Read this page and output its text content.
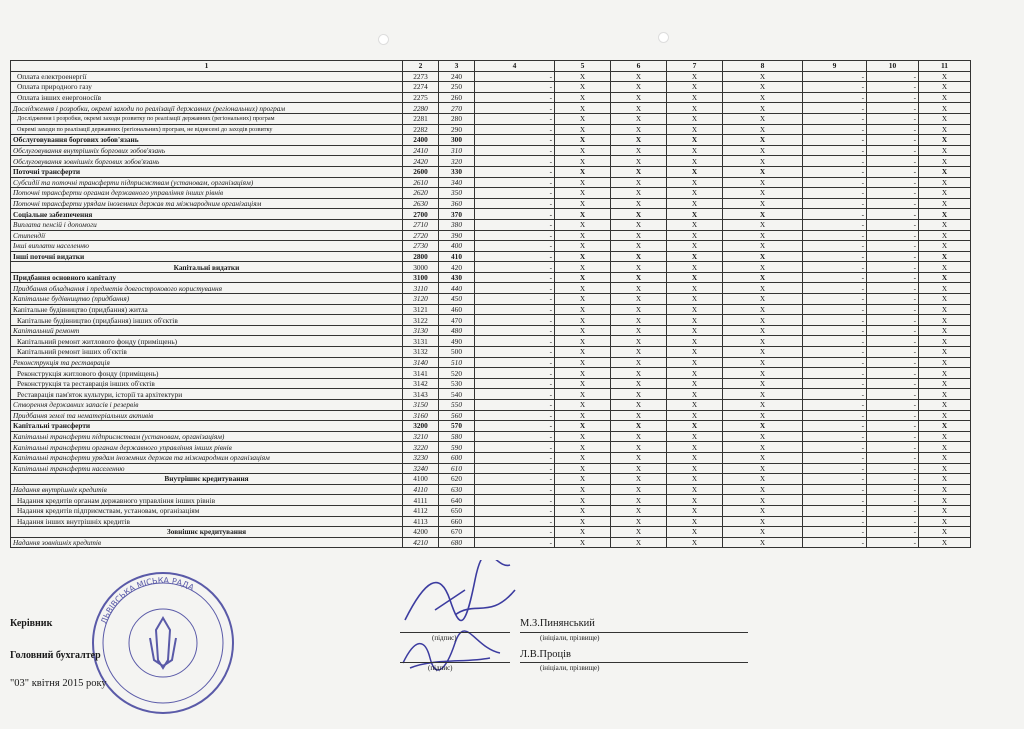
1	2	3	4	5	6	7	8	9	10	11
Оплата електроенергії	2273	240	-	X	X	X	X	-	-	X
Оплата природного газу	2274	250	-	X	X	X	X	-	-	X
Оплата інших енергоносіїв	2275	260	-	X	X	X	X	-	-	X
Дослідження і розробки, окремі заходи по реалізації державних (регіональних) програм	2280	270	-	X	X	X	X	-	-	X
Дослідження і розробки, окремі заходи розвитку по реалізації державних (регіональних) програм	2281	280	-	X	X	X	X	-	-	X
Окремі заходи по реалізації державних (регіональних) програм, не віднесені до заходів розвитку	2282	290	-	X	X	X	X	-	-	X
Обслуговування боргових зобов'язань	2400	300	-	X	X	X	X	-	-	X
Обслуговування внутрішніх боргових зобов'язань	2410	310	-	X	X	X	X	-	-	X
Обслуговування зовнішніх боргових зобов'язань	2420	320	-	X	X	X	X	-	-	X
Поточні трансферти	2600	330	-	X	X	X	X	-	-	X
Субсидії та поточні трансферти підприємствам (установам, організаціям)	2610	340	-	X	X	X	X	-	-	X
Поточні трансферти органам державного управління інших рівнів	2620	350	-	X	X	X	X	-	-	X
Поточні трансферти урядам іноземних держав та міжнародним організаціям	2630	360	-	X	X	X	X	-	-	X
Соціальне забезпечення	2700	370	-	X	X	X	X	-	-	X
Виплата пенсій і допомоги	2710	380	-	X	X	X	X	-	-	X
Стипендії	2720	390	-	X	X	X	X	-	-	X
Інші виплати населенню	2730	400	-	X	X	X	X	-	-	X
Інші поточні видатки	2800	410	-	X	X	X	X	-	-	X
Капітальні видатки	3000	420	-	X	X	X	X	-	-	X
Придбання основного капіталу	3100	430	-	X	X	X	X	-	-	X
Придбання обладнання і предметів довгострокового користування	3110	440	-	X	X	X	X	-	-	X
Капітальне будівництво (придбання)	3120	450	-	X	X	X	X	-	-	X
Капітальне будівництво (придбання) житла	3121	460	-	X	X	X	X	-	-	X
Капітальне будівництво (придбання) інших об'єктів	3122	470	-	X	X	X	X	-	-	X
Капітальний ремонт	3130	480	-	X	X	X	X	-	-	X
Капітальний ремонт житлового фонду (приміщень)	3131	490	-	X	X	X	X	-	-	X
Капітальний ремонт інших об'єктів	3132	500	-	X	X	X	X	-	-	X
Реконструкція та реставрація	3140	510	-	X	X	X	X	-	-	X
Реконструкція житлового фонду (приміщень)	3141	520	-	X	X	X	X	-	-	X
Реконструкція та реставрація інших об'єктів	3142	530	-	X	X	X	X	-	-	X
Реставрація пам'яток культури, історії та архітектури	3143	540	-	X	X	X	X	-	-	X
Створення державних запасів і резервів	3150	550	-	X	X	X	X	-	-	X
Придбання землі та нематеріальних активів	3160	560	-	X	X	X	X	-	-	X
Капітальні трансферти	3200	570	-	X	X	X	X	-	-	X
Капітальні трансферти підприємствам (установам, організаціям)	3210	580	-	X	X	X	X	-	-	X
Капітальні трансферти органам державного управління інших рівнів	3220	590	-	X	X	X	X	-	-	X
Капітальні трансферти урядам іноземних держав та міжнародним організаціям	3230	600	-	X	X	X	X	-	-	X
Капітальні трансферти населенню	3240	610	-	X	X	X	X	-	-	X
Внутрішнє кредитування	4100	620	-	X	X	X	X	-	-	X
Надання внутрішніх кредитів	4110	630	-	X	X	X	X	-	-	X
Надання кредитів органам державного управління інших рівнів	4111	640	-	X	X	X	X	-	-	X
Надання кредитів підприємствам, установам, організаціям	4112	650	-	X	X	X	X	-	-	X
Надання інших внутрішніх кредитів	4113	660	-	X	X	X	X	-	-	X
Зовнішнє кредитування	4200	670	-	X	X	X	X	-	-	X
Надання зовнішніх кредитів	4210	680	-	X	X	X	X	-	-	X
ЛЬВІВСЬКА МІСЬКА РАДА
Керівник
(підпис)
М.З.Пинянський
(ініціали, прізвище)
Головний бухгалтер
(підпис)
Л.В.Проців
(ініціали, прізвище)
"03" квітня 2015 року
